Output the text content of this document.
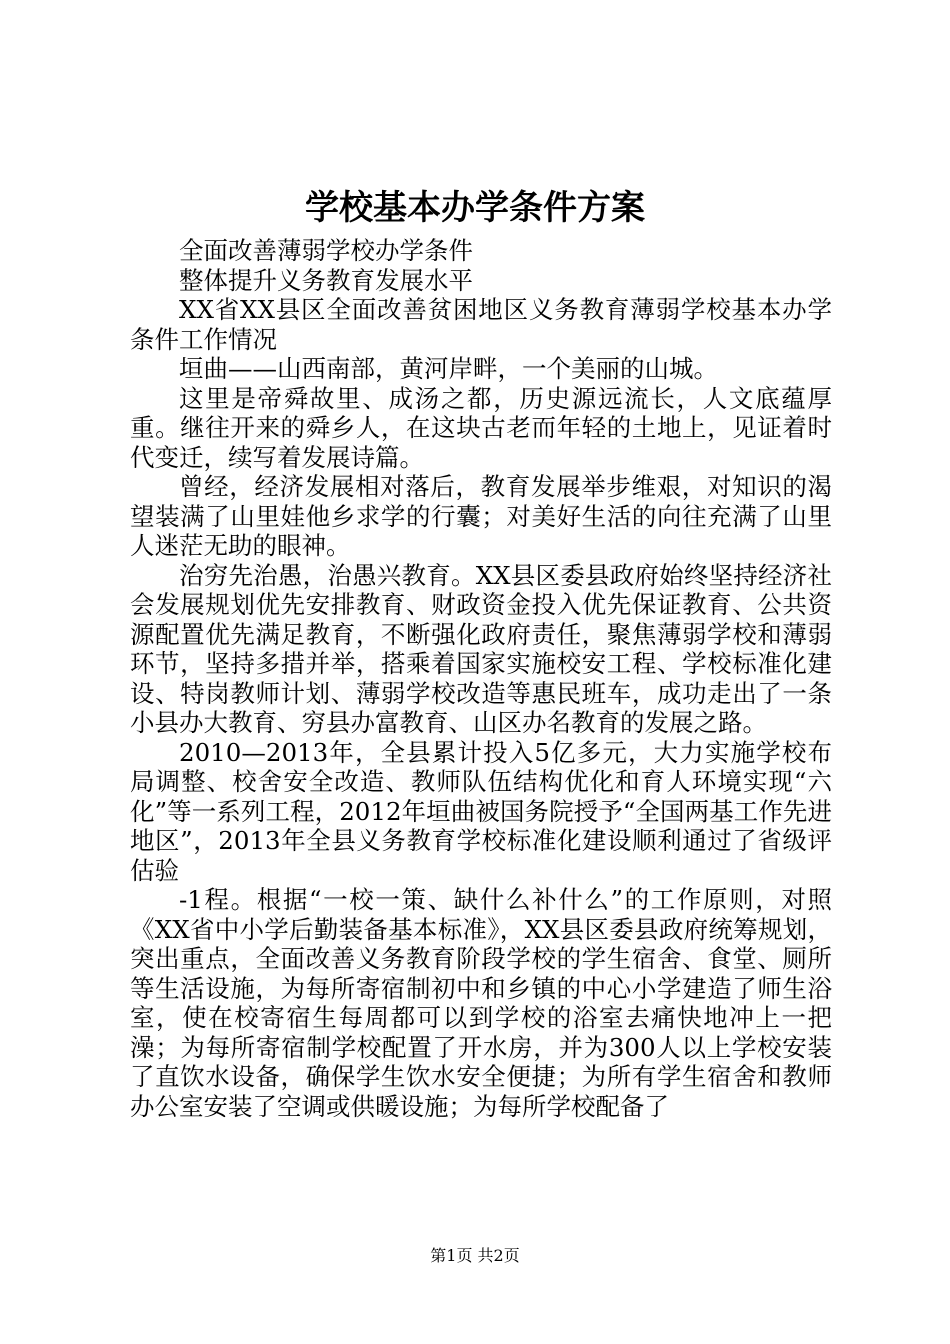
学校基本办学条件方案

全面改善薄弱学校办学条件

整体提升义务教育发展水平

XX省XX县区全面改善贫困地区义务教育薄弱学校基本办学条件工作情况

垣曲——山西南部，黄河岸畔，一个美丽的山城。

这里是帝舜故里、成汤之都，历史源远流长，人文底蕴厚重。继往开来的舜乡人，在这块古老而年轻的土地上，见证着时代变迁，续写着发展诗篇。

曾经，经济发展相对落后，教育发展举步维艰，对知识的渴望装满了山里娃他乡求学的行囊；对美好生活的向往充满了山里人迷茫无助的眼神。

治穷先治愚，治愚兴教育。XX县区委县政府始终坚持经济社会发展规划优先安排教育、财政资金投入优先保证教育、公共资源配置优先满足教育，不断强化政府责任，聚焦薄弱学校和薄弱环节，坚持多措并举，搭乘着国家实施校安工程、学校标准化建设、特岗教师计划、薄弱学校改造等惠民班车，成功走出了一条小县办大教育、穷县办富教育、山区办名教育的发展之路。

2010—2013年，全县累计投入5亿多元，大力实施学校布局调整、校舍安全改造、教师队伍结构优化和育人环境实现“六化”等一系列工程，2012年垣曲被国务院授予“全国两基工作先进地区”，2013年全县义务教育学校标准化建设顺利通过了省级评估验

-1程。根据“一校一策、缺什么补什么”的工作原则，对照《XX省中小学后勤装备基本标准》，XX县区委县政府统筹规划，突出重点，全面改善义务教育阶段学校的学生宿舍、食堂、厕所等生活设施，为每所寄宿制初中和乡镇的中心小学建造了师生浴室，使在校寄宿生每周都可以到学校的浴室去痛快地冲上一把澡；为每所寄宿制学校配置了开水房，并为300人以上学校安装了直饮水设备，确保学生饮水安全便捷；为所有学生宿舍和教师办公室安装了空调或供暖设施；为每所学校配备了

第1页 共2页
